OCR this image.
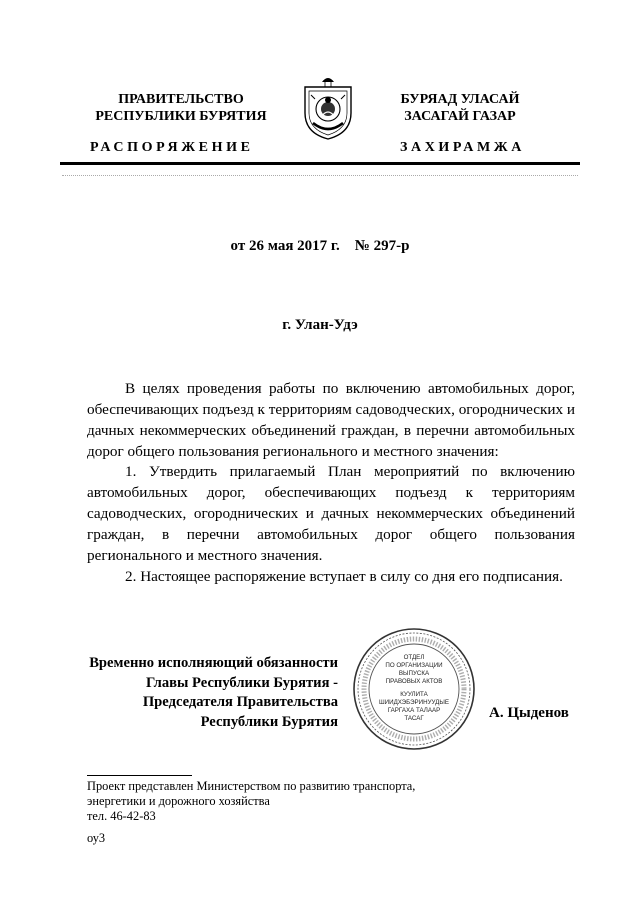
ПРАВИТЕЛЬСТВО
РЕСПУБЛИКИ БУРЯТИЯ
БУРЯАД УЛАСАЙ
ЗАСАГАЙ ГАЗАР
РАСПОРЯЖЕНИЕ	ЗАХИРАМЖА
от 26 мая 2017 г.    № 297-р
г. Улан-Удэ
В целях проведения работы по включению автомобильных дорог, обеспечивающих подъезд к территориям садоводческих, огороднических и дачных некоммерческих объединений граждан, в перечни автомобильных дорог общего пользования регионального и местного значения:
1. Утвердить прилагаемый План мероприятий по включению автомобильных дорог, обеспечивающих подъезд к территориям садоводческих, огороднических и дачных некоммерческих объединений граждан, в перечни автомобильных дорог общего пользования регионального и местного значения.
2. Настоящее распоряжение вступает в силу со дня его подписания.
Временно исполняющий обязанности
Главы Республики Бурятия -
Председателя Правительства
Республики Бурятия
ОТДЕЛ
ПО ОРГАНИЗАЦИИ
ВЫПУСКА
ПРАВОВЫХ АКТОВ
КУУЛИТА
ШИИДХЭБЭРИНУУДЫЕ
ГАРГАХА ТАЛААР
ТАСАГ	А. Цыденов
Проект представлен Министерством по развитию транспорта,
энергетики и дорожного хозяйства
тел. 46-42-83
оу3
